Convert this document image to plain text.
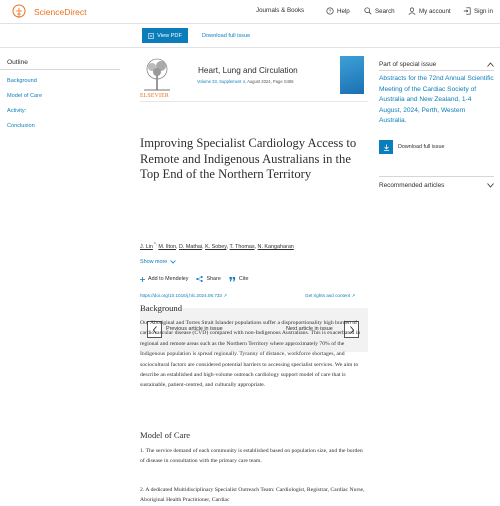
ScienceDirect	Journals & Books	? Help	Search	My account	Sign in
View PDF	Download full issue
Outline
Background
Model of Care
Activity:
Conclusion
ELSEVIER
Heart, Lung and Circulation
Volume 33, Supplement 4, August 2024, Page S465
Improving Specialist Cardiology Access to Remote and Indigenous Australians in the Top End of the Northern Territory
J. Lin $^{^8,}$ M. Ilton, D. Mathai, K. Sobey, T. Thomas, N. Kangaharan
Show more
Add to Mendeley	Share	Cite
https://doi.org/10.1016/j.hlc.2024.06.733 ↗	Get rights and content ↗
Previous article in issue	Next article in issue
Background
Our Aboriginal and Torres Strait Islander populations suffer a disproportionality high burden of cardiovascular disease (CVD) compared with non-Indigenous Australians. This is exacerbated in regional and remote areas such as the Northern Territory where approximately 70% of the Indigenous population is spread regionally. Tyranny of distance, workforce shortages, and sociocultural factors are considered potential barriers to accessing specialist services. We aim to describe an established and high-volume outreach cardiology support model of care that is sustainable, patient-centred, and culturally appropriate.
Model of Care
1. The service demand of each community is established based on population size, and the burden of disease in consultation with the primary care team.
2. A dedicated Multidisciplinary Specialist Outreach Team: Cardiologist, Registrar, Cardiac Nurse, Aboriginal Health Practitioner, Cardiac
Part of special issue
Abstracts for the 72nd Annual Scientific Meeting of the Cardiac Society of Australia and New Zealand, 1-4 August, 2024, Perth, Western Australia.
Download full issue
Recommended articles
